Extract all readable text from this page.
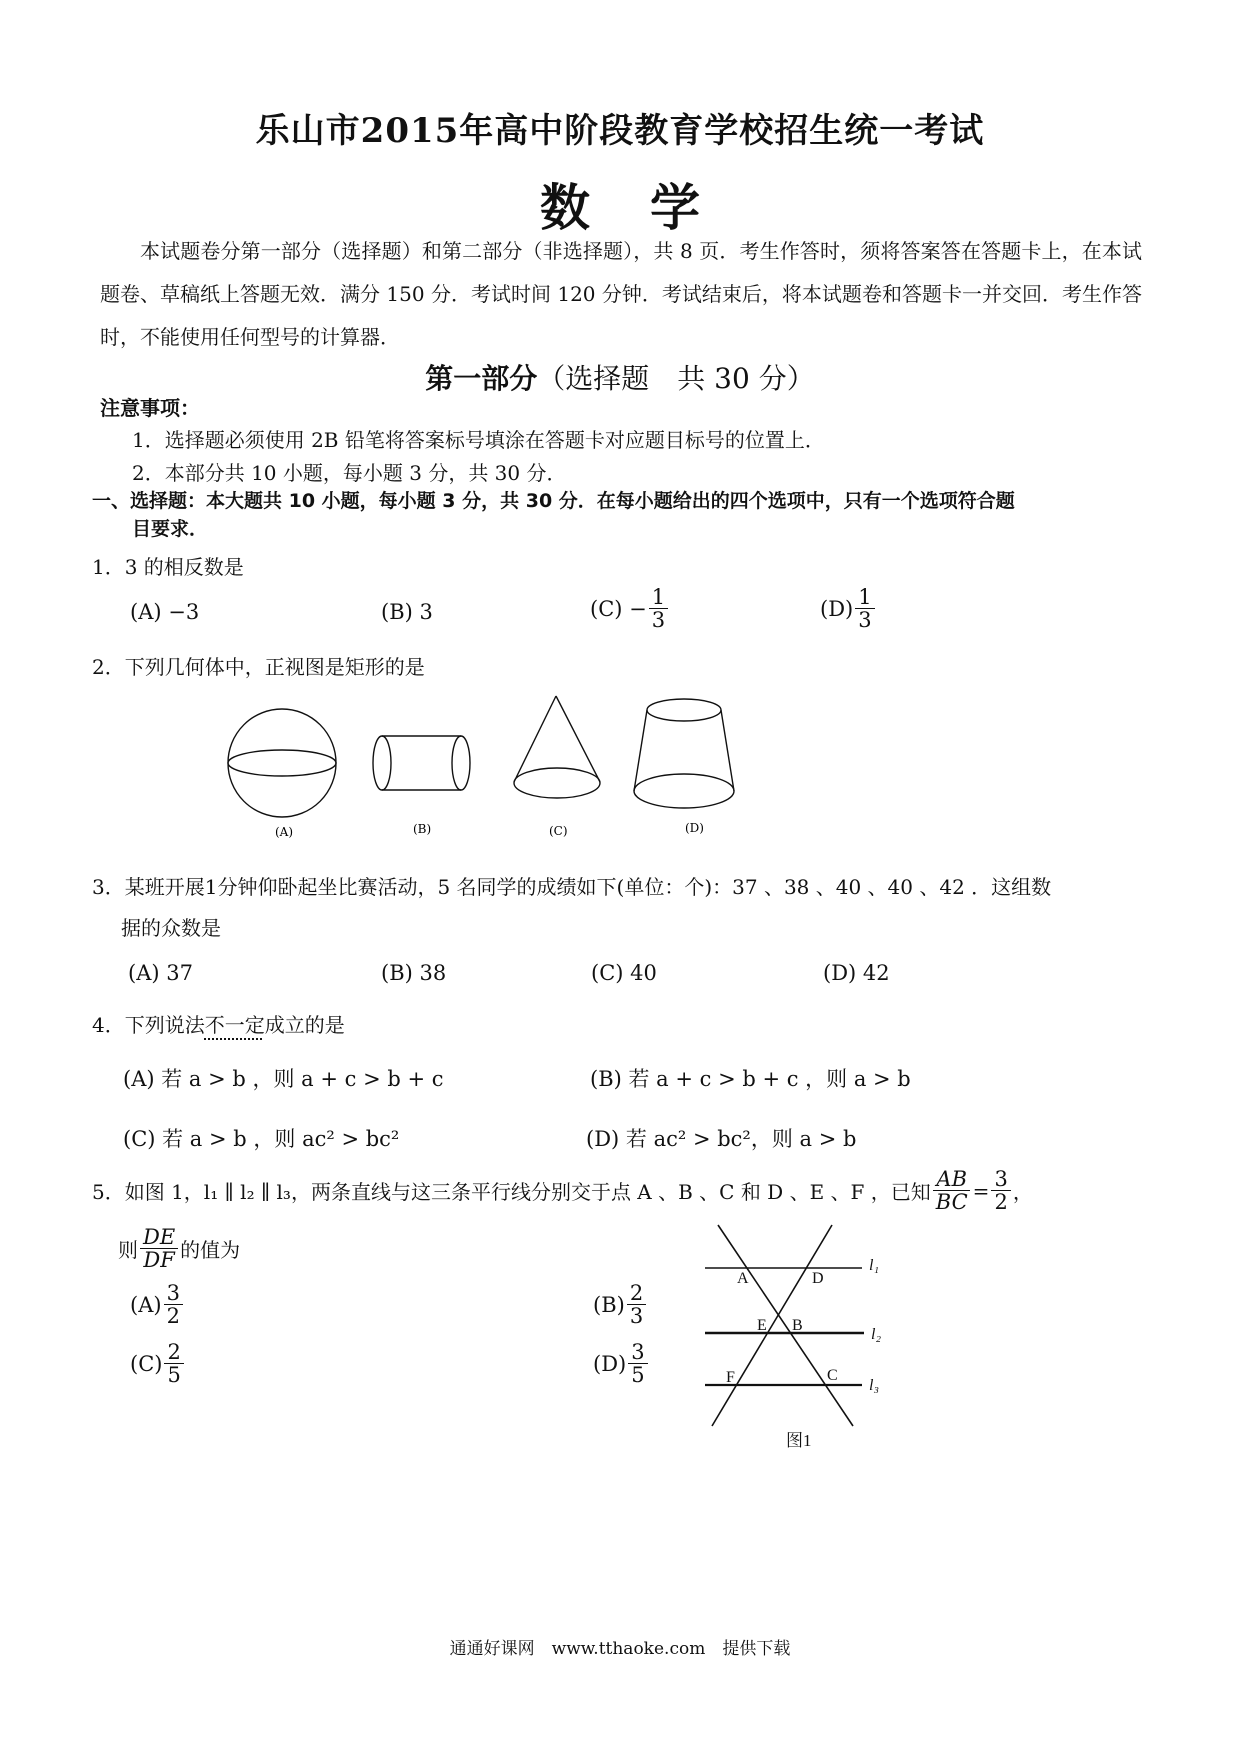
乐山市2015年高中阶段教育学校招生统一考试
数学

本试题卷分第一部分（选择题）和第二部分（非选择题），共 8 页．考生作答时，须将答案答在答题卡上，在本试题卷、草稿纸上答题无效．满分 150 分．考试时间 120 分钟．考试结束后，将本试题卷和答题卡一并交回．考生作答时，不能使用任何型号的计算器．

第一部分（选择题　共 30 分）
注意事项：
1．选择题必须使用 2B 铅笔将答案标号填涂在答题卡对应题目标号的位置上．
2．本部分共 10 小题，每小题 3 分，共 30 分．
一、选择题：本大题共 10 小题，每小题 3 分，共 30 分．在每小题给出的四个选项中，只有一个选项符合题
目要求．
1．3 的相反数是
(A) −3	(B) 3	$(C) - \frac{1}{3}$	$(D) \frac{1}{3}$
2．下列几何体中，正视图是矩形的是
(A)	(B)	(C)	(D)
3．某班开展1分钟仰卧起坐比赛活动，5 名同学的成绩如下(单位：个)：37 、38 、40 、40 、42 ．这组数
据的众数是
(A) 37	(B) 38	(C) 40	(D) 42
4．下列说法不一定成立的是
(A) 若 a > b ，则 a + c > b + c	(B) 若 a + c > b + c ，则 a > b
(C) 若 a > b ，则 ac² > bc²	(D) 若 ac² > bc²，则 a > b
5．如图 1，l₁ ∥ l₂ ∥ l₃，两条直线与这三条平行线分别交于点 A 、B 、C 和 D 、E 、F ，已知 $\frac{AB}{BC} = \frac{3}{2}$ ，
则 $\frac{DE}{DF}$ 的值为
$(A) \frac{3}{2}$	$(B) \frac{2}{3}$
$(C) \frac{2}{5}$	$(D) \frac{3}{5}$
A	D
E B
F	C
l₁
l₂
l₃
图1
通通好课网　www.tthaoke.com　提供下载
